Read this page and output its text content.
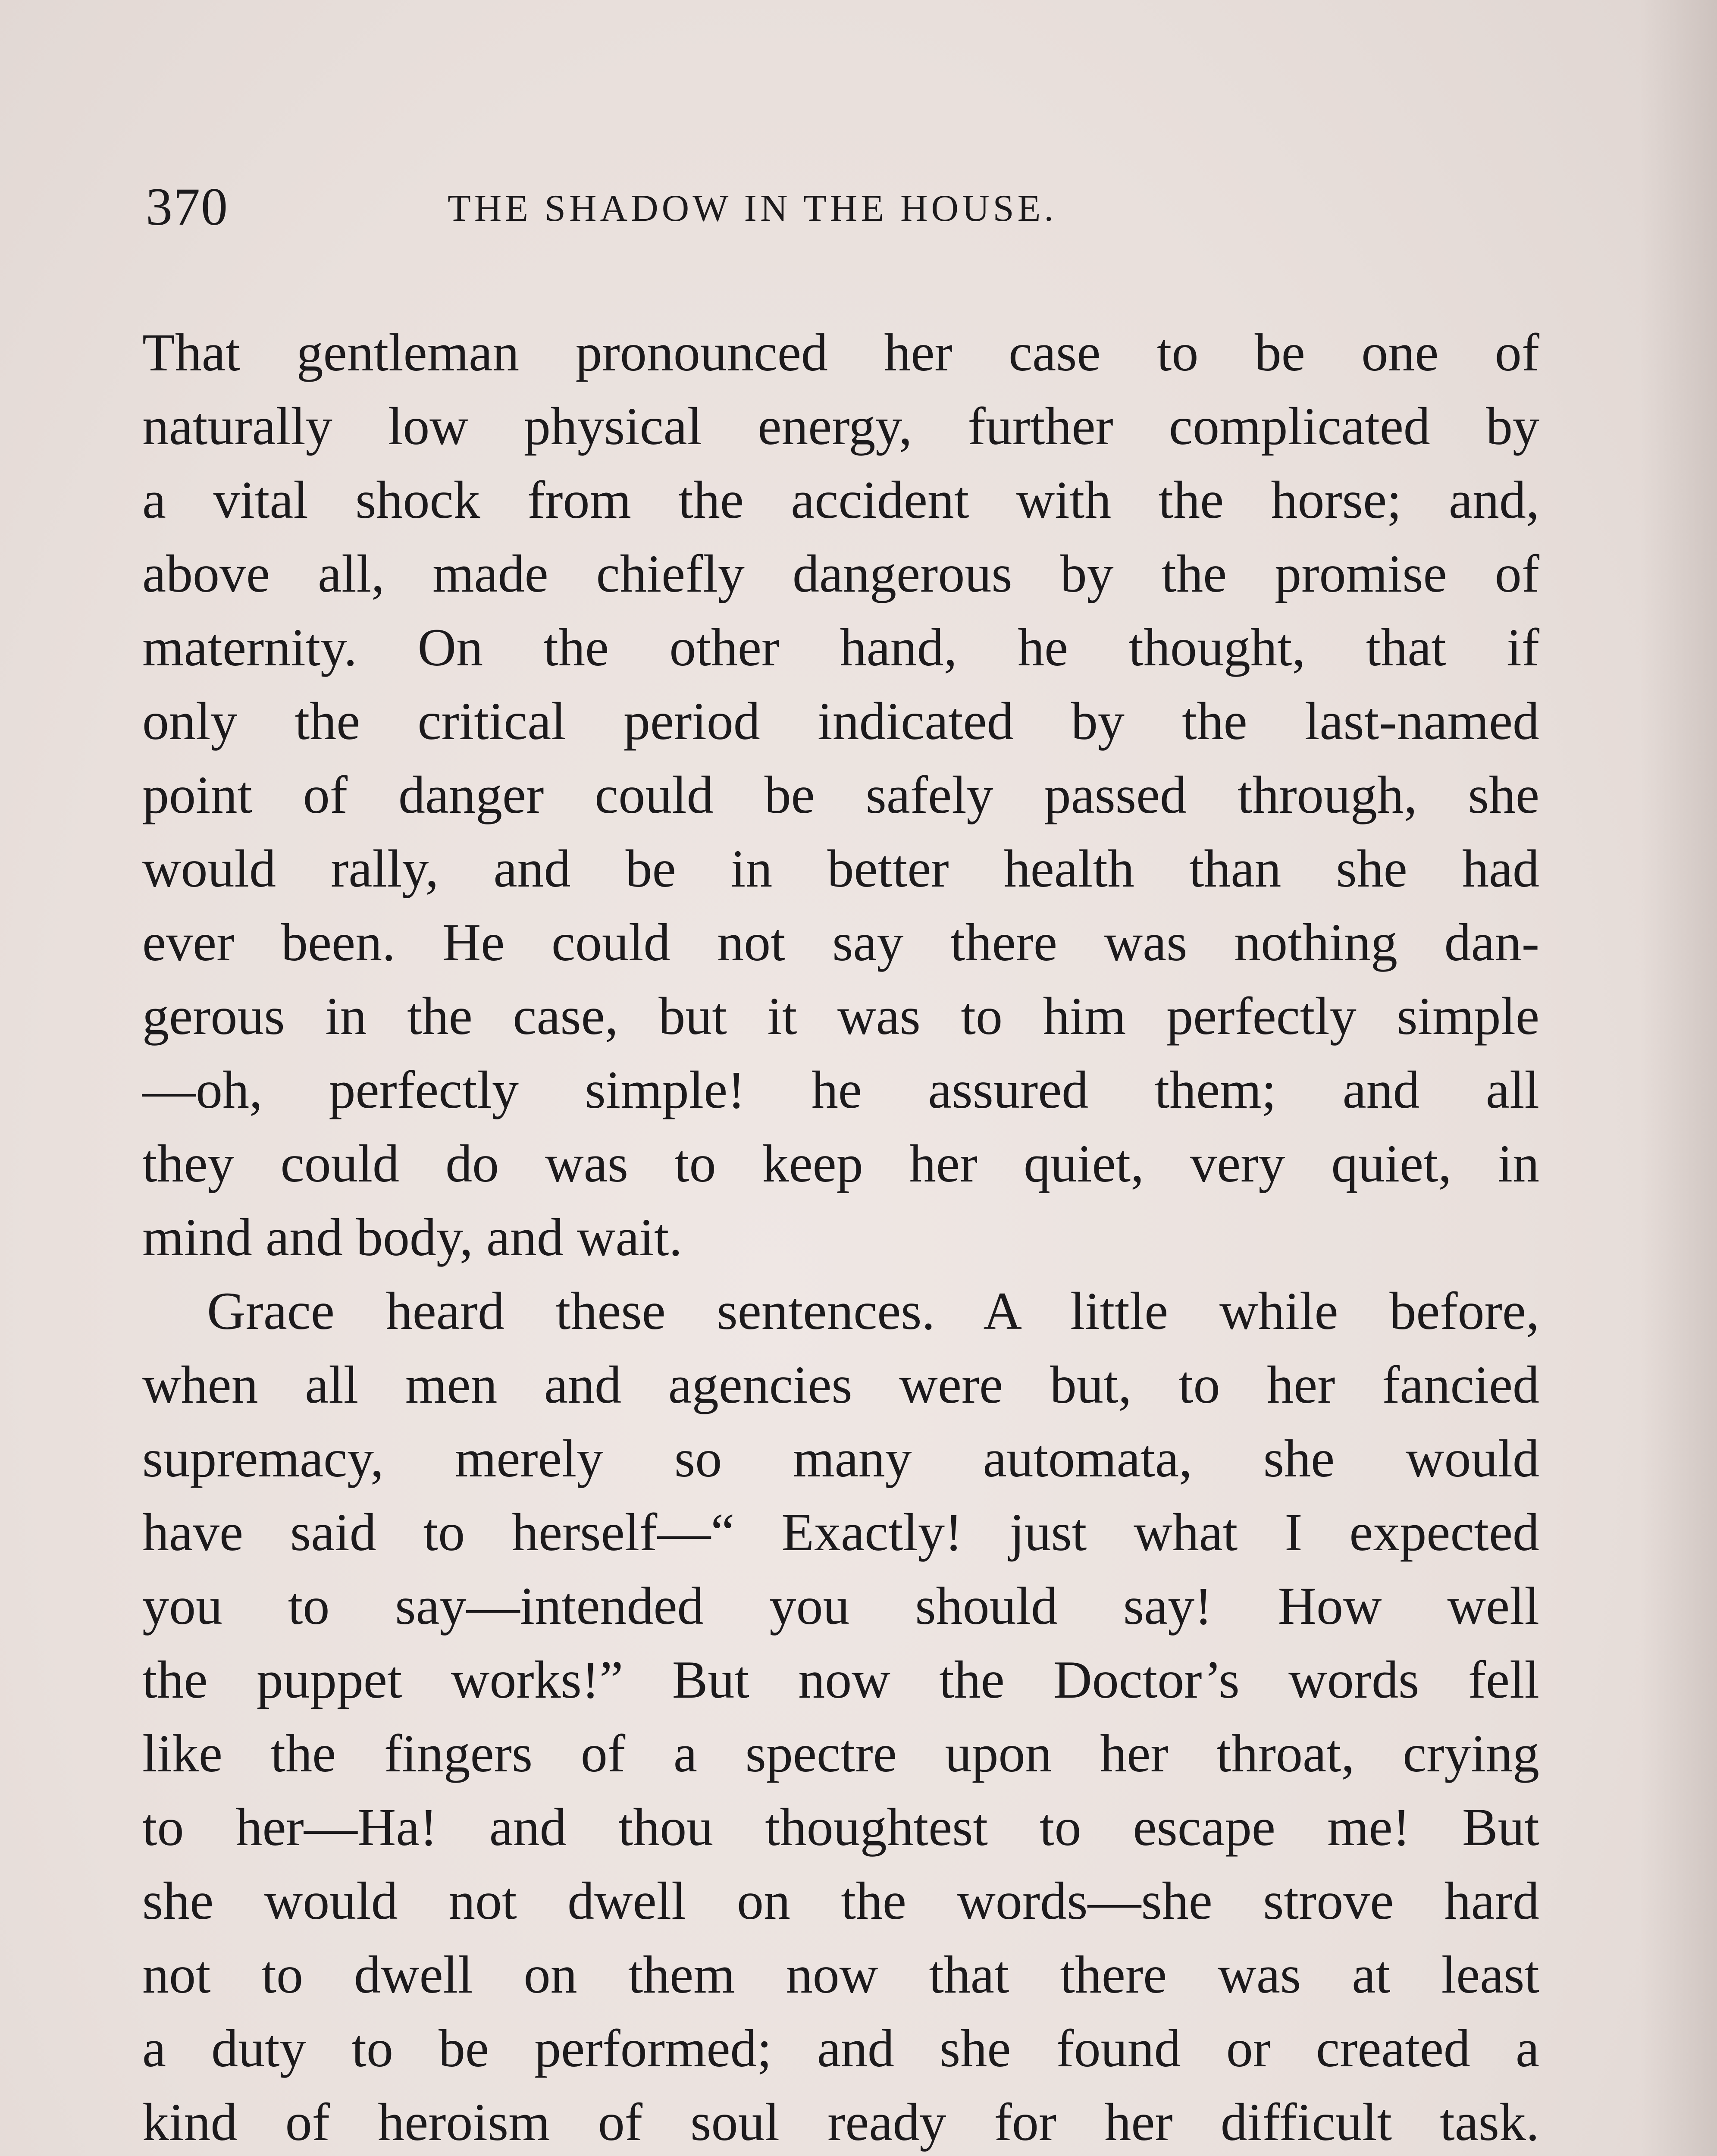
370	THE SHADOW IN THE HOUSE.
That gentleman pronounced her case to be one of
naturally low physical energy, further complicated by
a vital shock from the accident with the horse; and,
above all, made chiefly dangerous by the promise of
maternity. On the other hand, he thought, that if
only the critical period indicated by the last-named
point of danger could be safely passed through, she
would rally, and be in better health than she had
ever been. He could not say there was nothing dan-
gerous in the case, but it was to him perfectly simple
—oh, perfectly simple! he assured them; and all
they could do was to keep her quiet, very quiet, in
mind and body, and wait.
Grace heard these sentences. A little while before,
when all men and agencies were but, to her fancied
supremacy, merely so many automata, she would
have said to herself—“ Exactly! just what I expected
you to say—intended you should say! How well
the puppet works!” But now the Doctor’s words fell
like the fingers of a spectre upon her throat, crying
to her—Ha! and thou thoughtest to escape me! But
she would not dwell on the words—she strove hard
not to dwell on them now that there was at least
a duty to be performed; and she found or created a
kind of heroism of soul ready for her difficult task.
